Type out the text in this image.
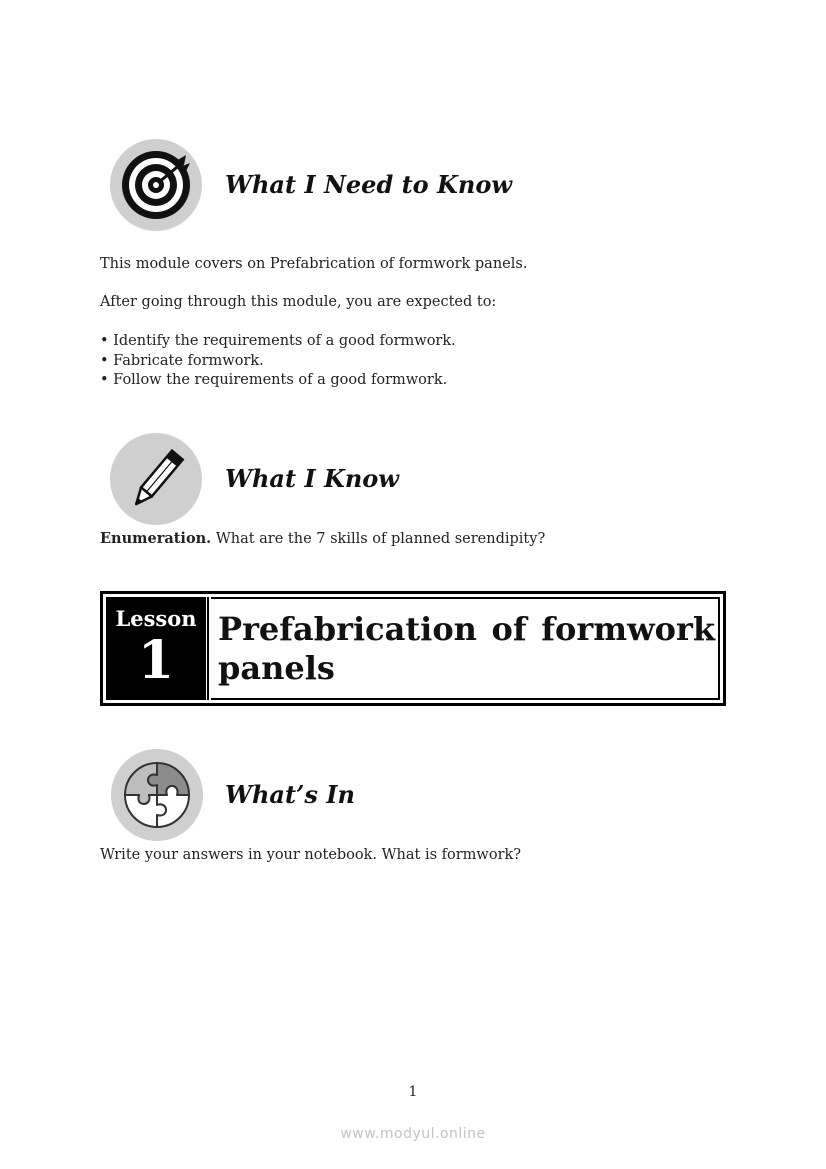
What I Need to Know
This module covers on Prefabrication of formwork panels.
After going through this module, you are expected to:
• Identify the requirements of a good formwork.
• Fabricate formwork.
• Follow the requirements of a good formwork.
What I Know
Enumeration. What are the 7 skills of planned serendipity?
Lesson
1
Prefabrication of formwork panels
What’s In
Write your answers in your notebook. What is formwork?
1
www.modyul.online
